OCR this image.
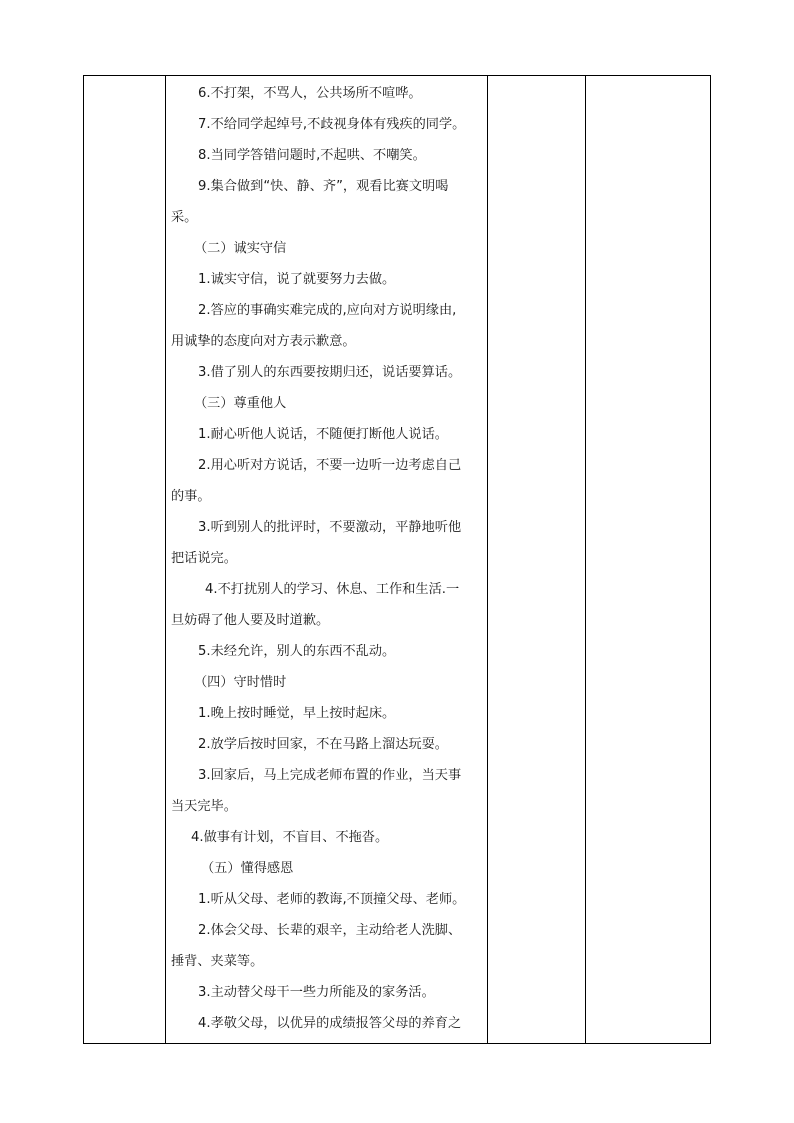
6.不打架，不骂人，公共场所不喧哗。
7.不给同学起绰号,不歧视身体有残疾的同学。
8.当同学答错问题时,不起哄、不嘲笑。
9.集合做到“快、静、齐”，观看比赛文明喝
采。
（二）诚实守信
1.诚实守信，说了就要努力去做。
2.答应的事确实难完成的,应向对方说明缘由,
用诚挚的态度向对方表示歉意。
3.借了别人的东西要按期归还，说话要算话。
（三）尊重他人
1.耐心听他人说话，不随便打断他人说话。
2.用心听对方说话，不要一边听一边考虑自己
的事。
3.听到别人的批评时，不要激动，平静地听他
把话说完。
4.不打扰别人的学习、休息、工作和生活.一
旦妨碍了他人要及时道歉。
5.未经允许，别人的东西不乱动。
（四）守时惜时
1.晚上按时睡觉，早上按时起床。
2.放学后按时回家，不在马路上溜达玩耍。
3.回家后，马上完成老师布置的作业，当天事
当天完毕。
4.做事有计划，不盲目、不拖沓。
（五）懂得感恩
1.听从父母、老师的教诲,不顶撞父母、老师。
2.体会父母、长辈的艰辛，主动给老人洗脚、
捶背、夹菜等。
3.主动替父母干一些力所能及的家务活。
4.孝敬父母，以优异的成绩报答父母的养育之
